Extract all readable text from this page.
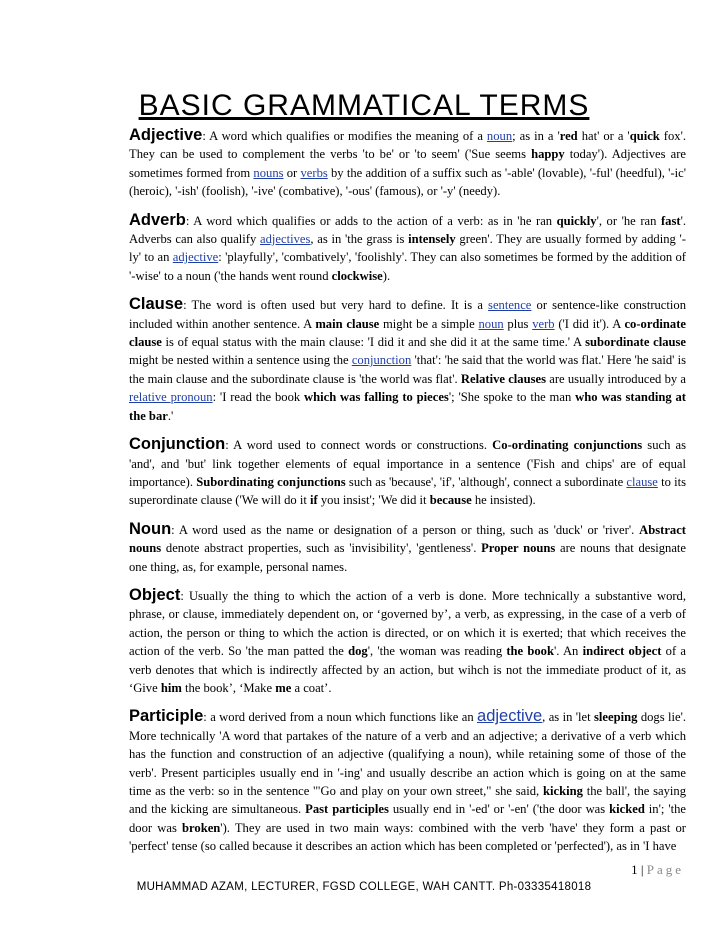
BASIC GRAMMATICAL TERMS

Adjective: A word which qualifies or modifies the meaning of a noun; as in a 'red hat' or a 'quick fox'. They can be used to complement the verbs 'to be' or 'to seem' ('Sue seems happy today'). Adjectives are sometimes formed from nouns or verbs by the addition of a suffix such as '-able' (lovable), '-ful' (heedful), '-ic' (heroic), '-ish' (foolish), '-ive' (combative), '-ous' (famous), or '-y' (needy).

Adverb: A word which qualifies or adds to the action of a verb: as in 'he ran quickly', or 'he ran fast'. Adverbs can also qualify adjectives, as in 'the grass is intensely green'. They are usually formed by adding '-ly' to an adjective: 'playfully', 'combatively', 'foolishly'. They can also sometimes be formed by the addition of '-wise' to a noun ('the hands went round clockwise).

Clause: The word is often used but very hard to define. It is a sentence or sentence-like construction included within another sentence. A main clause might be a simple noun plus verb ('I did it'). A co-ordinate clause is of equal status with the main clause: 'I did it and she did it at the same time.' A subordinate clause might be nested within a sentence using the conjunction 'that': 'he said that the world was flat.' Here 'he said' is the main clause and the subordinate clause is 'the world was flat'. Relative clauses are usually introduced by a relative pronoun: 'I read the book which was falling to pieces'; 'She spoke to the man who was standing at the bar.'

Conjunction: A word used to connect words or constructions. Co-ordinating conjunctions such as 'and', and 'but' link together elements of equal importance in a sentence ('Fish and chips' are of equal importance). Subordinating conjunctions such as 'because', 'if', 'although', connect a subordinate clause to its superordinate clause ('We will do it if you insist'; 'We did it because he insisted).

Noun: A word used as the name or designation of a person or thing, such as 'duck' or 'river'. Abstract nouns denote abstract properties, such as 'invisibility', 'gentleness'. Proper nouns are nouns that designate one thing, as, for example, personal names.

Object: Usually the thing to which the action of a verb is done. More technically a substantive word, phrase, or clause, immediately dependent on, or ‘governed by’, a verb, as expressing, in the case of a verb of action, the person or thing to which the action is directed, or on which it is exerted; that which receives the action of the verb. So 'the man patted the dog', 'the woman was reading the book'. An indirect object of a verb denotes that which is indirectly affected by an action, but wihch is not the immediate product of it, as ‘Give him the book’, ‘Make me a coat’.

Participle: a word derived from a noun which functions like an adjective, as in 'let sleeping dogs lie'. More technically 'A word that partakes of the nature of a verb and an adjective; a derivative of a verb which has the function and construction of an adjective (qualifying a noun), while retaining some of those of the verb'. Present participles usually end in '-ing' and usually describe an action which is going on at the same time as the verb: so in the sentence '"Go and play on your own street," she said, kicking the ball', the saying and the kicking are simultaneous. Past participles usually end in '-ed' or '-en' ('the door was kicked in'; 'the door was broken'). They are used in two main ways: combined with the verb 'have' they form a past or 'perfect' tense (so called because it describes an action which has been completed or 'perfected'), as in 'I have

1 | Page
MUHAMMAD AZAM, LECTURER, FGSD COLLEGE, WAH CANTT. Ph-03335418018
